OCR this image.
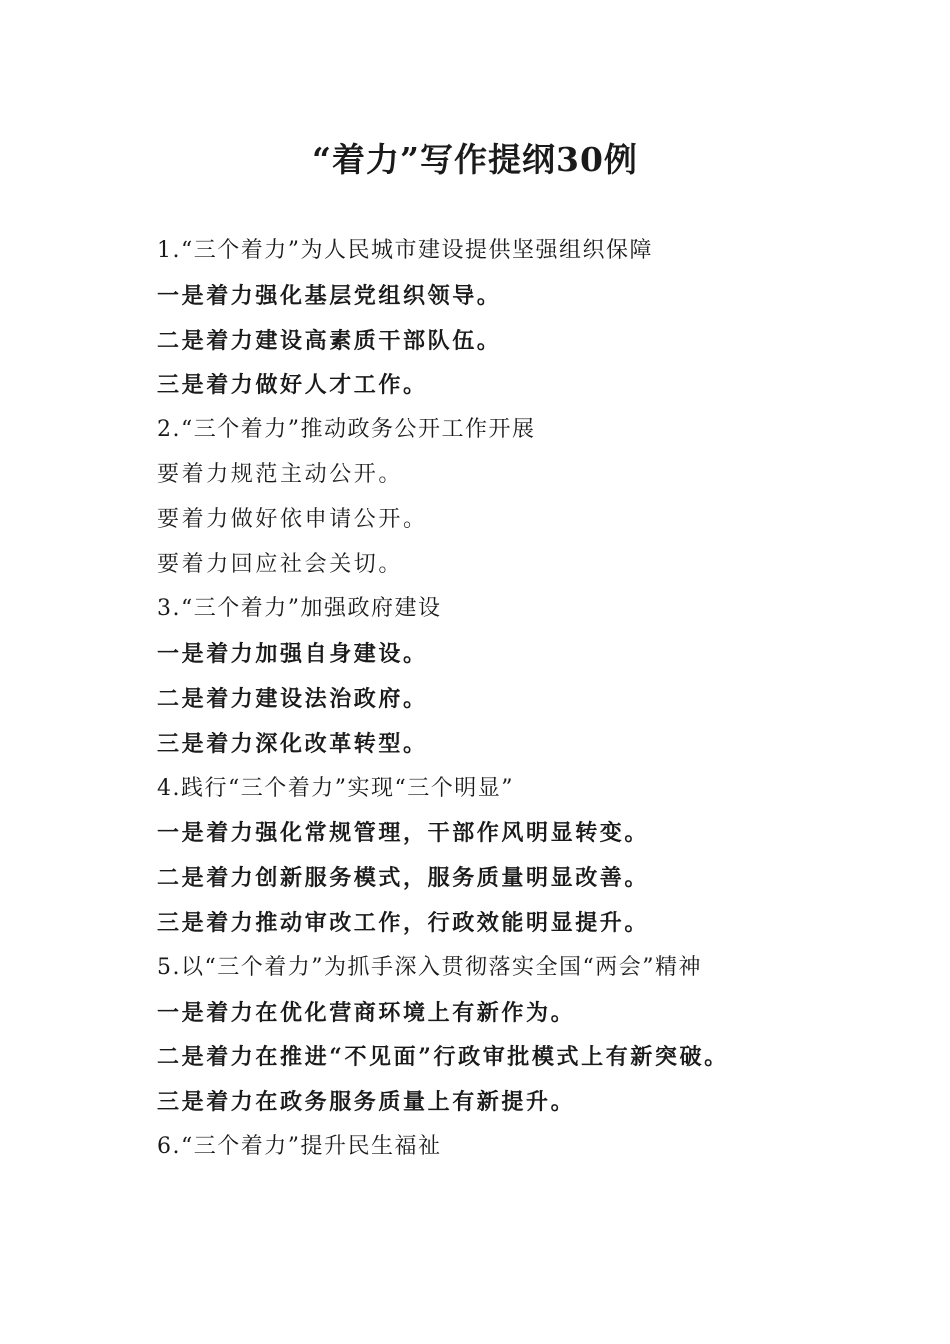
“着力”写作提纲30例
1.“三个着力”为人民城市建设提供坚强组织保障
一是着力强化基层党组织领导。
二是着力建设高素质干部队伍。
三是着力做好人才工作。
2.“三个着力”推动政务公开工作开展
要着力规范主动公开。
要着力做好依申请公开。
要着力回应社会关切。
3.“三个着力”加强政府建设
一是着力加强自身建设。
二是着力建设法治政府。
三是着力深化改革转型。
4.践行“三个着力”实现“三个明显”
一是着力强化常规管理，干部作风明显转变。
二是着力创新服务模式，服务质量明显改善。
三是着力推动审改工作，行政效能明显提升。
5.以“三个着力”为抓手深入贯彻落实全国“两会”精神
一是着力在优化营商环境上有新作为。
二是着力在推进“不见面”行政审批模式上有新突破。
三是着力在政务服务质量上有新提升。
6.“三个着力”提升民生福祉
